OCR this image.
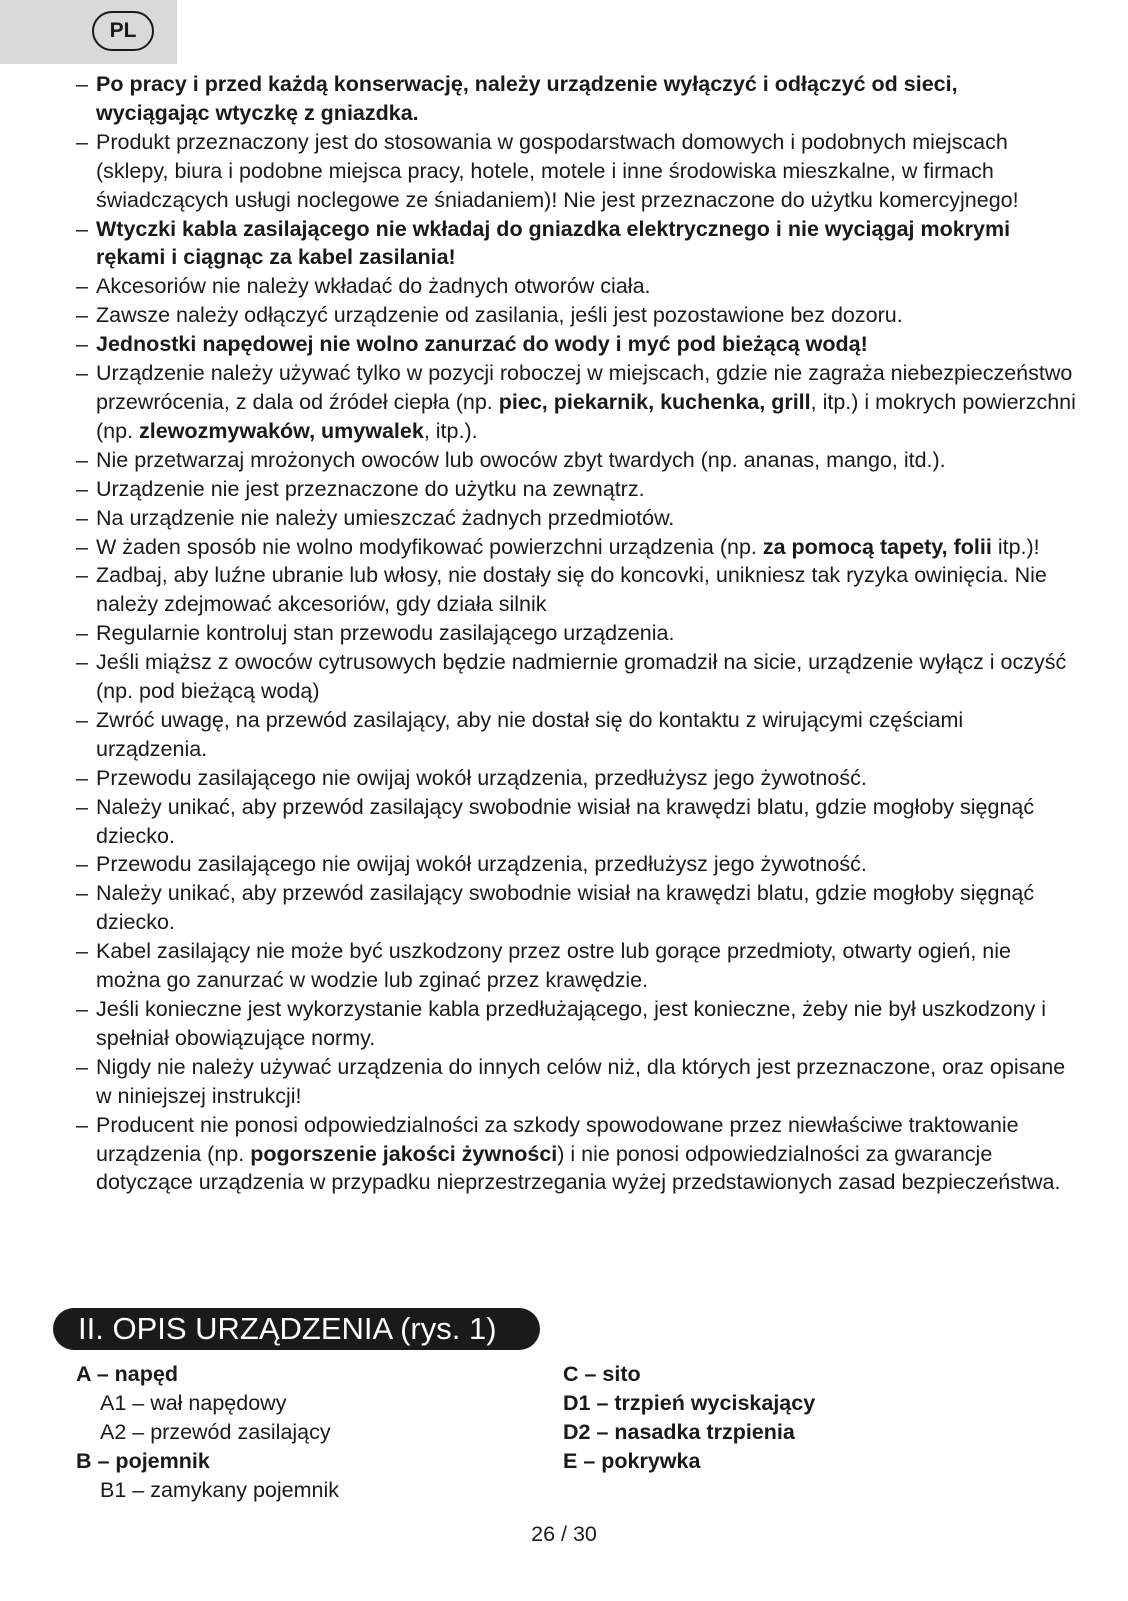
PL
– Po pracy i przed każdą konserwację, należy urządzenie wyłączyć i odłączyć od sieci, wyciągając wtyczkę z gniazdka.
– Produkt przeznaczony jest do stosowania w gospodarstwach domowych i podobnych miejscach (sklepy, biura i podobne miejsca pracy, hotele, motele i inne środowiska mieszkalne, w firmach świadczących usługi noclegowe ze śniadaniem)! Nie jest przeznaczone do użytku komercyjnego!
– Wtyczki kabla zasilającego nie wkładaj do gniazdka elektrycznego i nie wyciągaj mokrymi rękami i ciągnąc za kabel zasilania!
– Akcesoriów nie należy wkładać do żadnych otworów ciała.
– Zawsze należy odłączyć urządzenie od zasilania, jeśli jest pozostawione bez dozoru.
– Jednostki napędowej nie wolno zanurzać do wody i myć pod bieżącą wodą!
– Urządzenie należy używać tylko w pozycji roboczej w miejscach, gdzie nie zagraża niebezpieczeństwo przewrócenia, z dala od źródeł ciepła (np. piec, piekarnik, kuchenka, grill, itp.) i mokrych powierzchni (np. zlewozmywaków, umywalek, itp.).
– Nie przetwarzaj mrożonych owoców lub owoców zbyt twardych (np. ananas, mango, itd.).
– Urządzenie nie jest przeznaczone do użytku na zewnątrz.
– Na urządzenie nie należy umieszczać żadnych przedmiotów.
– W żaden sposób nie wolno modyfikować powierzchni urządzenia (np. za pomocą tapety, folii itp.)!
– Zadbaj, aby luźne ubranie lub włosy, nie dostały się do koncovki, unikniesz tak ryzyka owinięcia. Nie należy zdejmować akcesoriów, gdy działa silnik
– Regularnie kontroluj stan przewodu zasilającego urządzenia.
– Jeśli miąższ z owoców cytrusowych będzie nadmiernie gromadził na sicie, urządzenie wyłącz i oczyść (np. pod bieżącą wodą)
– Zwróć uwagę, na przewód zasilający, aby nie dostał się do kontaktu z wirującymi częściami urządzenia.
– Przewodu zasilającego nie owijaj wokół urządzenia, przedłużysz jego żywotność.
– Należy unikać, aby przewód zasilający swobodnie wisiał na krawędzi blatu, gdzie mogłoby sięgnąć dziecko.
– Przewodu zasilającego nie owijaj wokół urządzenia, przedłużysz jego żywotność.
– Należy unikać, aby przewód zasilający swobodnie wisiał na krawędzi blatu, gdzie mogłoby sięgnąć dziecko.
– Kabel zasilający nie może być uszkodzony przez ostre lub gorące przedmioty, otwarty ogień, nie można go zanurzać w wodzie lub zginać przez krawędzie.
– Jeśli konieczne jest wykorzystanie kabla przedłużającego, jest konieczne, żeby nie był uszkodzony i spełniał obowiązujące normy.
– Nigdy nie należy używać urządzenia do innych celów niż, dla których jest przeznaczone, oraz opisane w niniejszej instrukcji!
– Producent nie ponosi odpowiedzialności za szkody spowodowane przez niewłaściwe traktowanie urządzenia (np. pogorszenie jakości żywności) i nie ponosi odpowiedzialności za gwarancje dotyczące urządzenia w przypadku nieprzestrzegania wyżej przedstawionych zasad bezpieczeństwa.
II. OPIS URZĄDZENIA (rys. 1)
A – napęd
A1 – wał napędowy
A2 – przewód zasilający
B – pojemnik
B1 – zamykany pojemnik
C – sito
D1 – trzpień wyciskający
D2 – nasadka trzpienia
E – pokrywka
26 / 30
